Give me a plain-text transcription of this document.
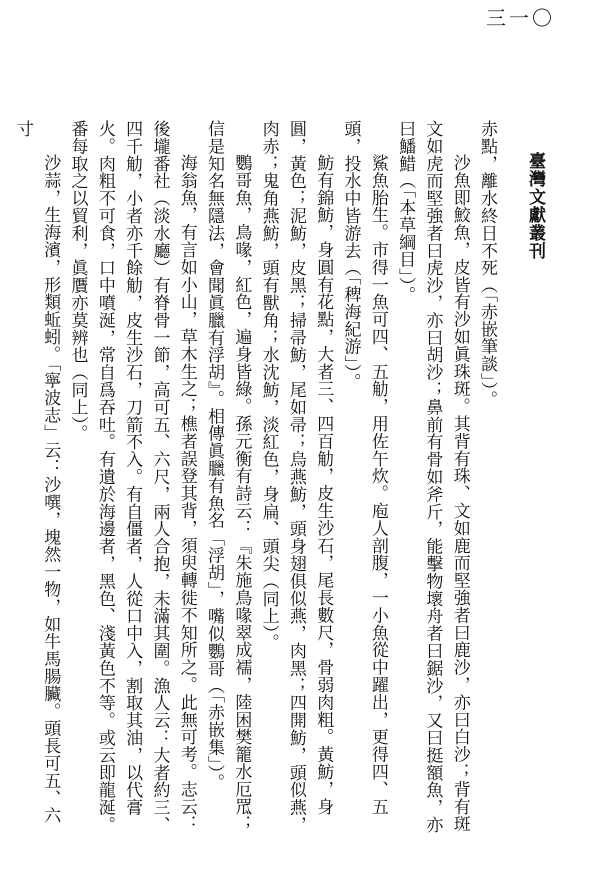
三一〇
臺灣文獻叢刊

赤點，離水終日不死（「赤嵌筆談」）。

沙魚即鮫魚，皮皆有沙如眞珠斑。其背有珠、文如鹿而堅強者曰鹿沙，亦曰白沙；背有斑文如虎而堅強者曰虎沙，亦曰胡沙；鼻前有骨如斧斤，能擊物壞舟者曰鋸沙，又曰挺額魚，亦曰鱕䱜（「本草綱目」）。

鯊魚胎生。市得一魚可四、五觔，用佐午炊。庖人剖腹，一小魚從中躍出，更得四、五頭，投水中皆游去（「稗海紀游」）。

魴有錦魴，身圓有花點，大者三、四百觔，皮生沙石，尾長數尺，骨弱肉粗。黃魴，身圓，黃色；泥魴，皮黑；掃帚魴，尾如帚；烏燕魴，頭身翅俱似燕，肉黑；四開魴，頭似燕，肉赤；鬼角燕魴，頭有獸角；水沈魴，淡紅色，身扁、頭尖（同上）。

鸚哥魚，鳥喙，紅色，遍身皆綠。孫元衡有詩云：『朱施鳥喙翠成襦，陸困樊籠水厄罛；信是知名無隱法，會聞眞臘有浮胡』。相傳眞臘有魚名「浮胡」，嘴似鸚哥（「赤嵌集」）。

海翁魚，有言如小山，草木生之；樵者誤登其背，須臾轉徙不知所之。此無可考。志云：後壠番社（淡水廳）有脊骨一節，高可五、六尺，兩人合抱，未滿其圍。漁人云：大者約三、四千觔，小者亦千餘觔，皮生沙石，刀箭不入。有自僵者，人從口中入，割取其油，以代膏火。肉粗不可食，口中噴涎，常自爲吞吐。有遺於海邊者，黑色、淺黃色不等。或云即龍涎。番每取之以貿利，眞贋亦莫辨也（同上）。

沙蒜，生海濱，形類蚯蚓。「寧波志」云：沙噀，塊然一物，如牛馬腸臟。頭長可五、六寸
